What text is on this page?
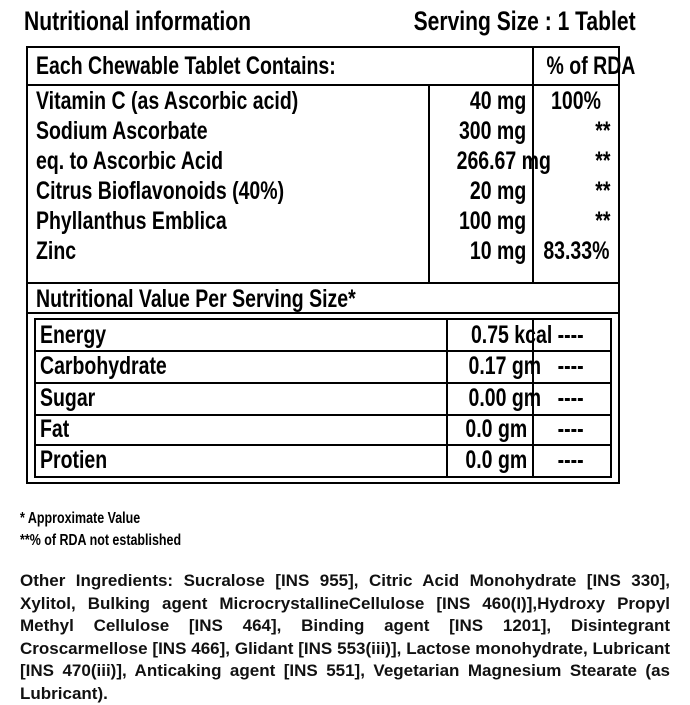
Nutritional information	Serving Size : 1 Tablet
Each Chewable Tablet Contains:	% of RDA
Vitamin C (as Ascorbic acid)	40 mg	100%
Sodium Ascorbate	300 mg	**
eq. to Ascorbic Acid	266.67 mg	**
Citrus Bioflavonoids (40%)	20 mg	**
Phyllanthus Emblica	100 mg	**
Zinc	10 mg 83.33%
Nutritional Value Per Serving Size*
Energy	0.75 kcal ----
Carbohydrate	0.17 gm ----
Sugar	0.00 gm ----
Fat	0.0 gm	----
Protien	0.0 gm	----
* Approximate Value
**% of RDA not established
Other Ingredients: Sucralose [INS 955], Citric Acid Monohydrate [INS 330], Xylitol, Bulking agent MicrocrystallineCellulose [INS 460(I)],Hydroxy Propyl Methyl Cellulose [INS 464], Binding agent [INS 1201], Disintegrant Croscarmellose [INS 466], Glidant [INS 553(iii)], Lactose monohydrate, Lubricant [INS 470(iii)], Anticaking agent [INS 551], Vegetarian Magnesium Stearate (as Lubricant).
